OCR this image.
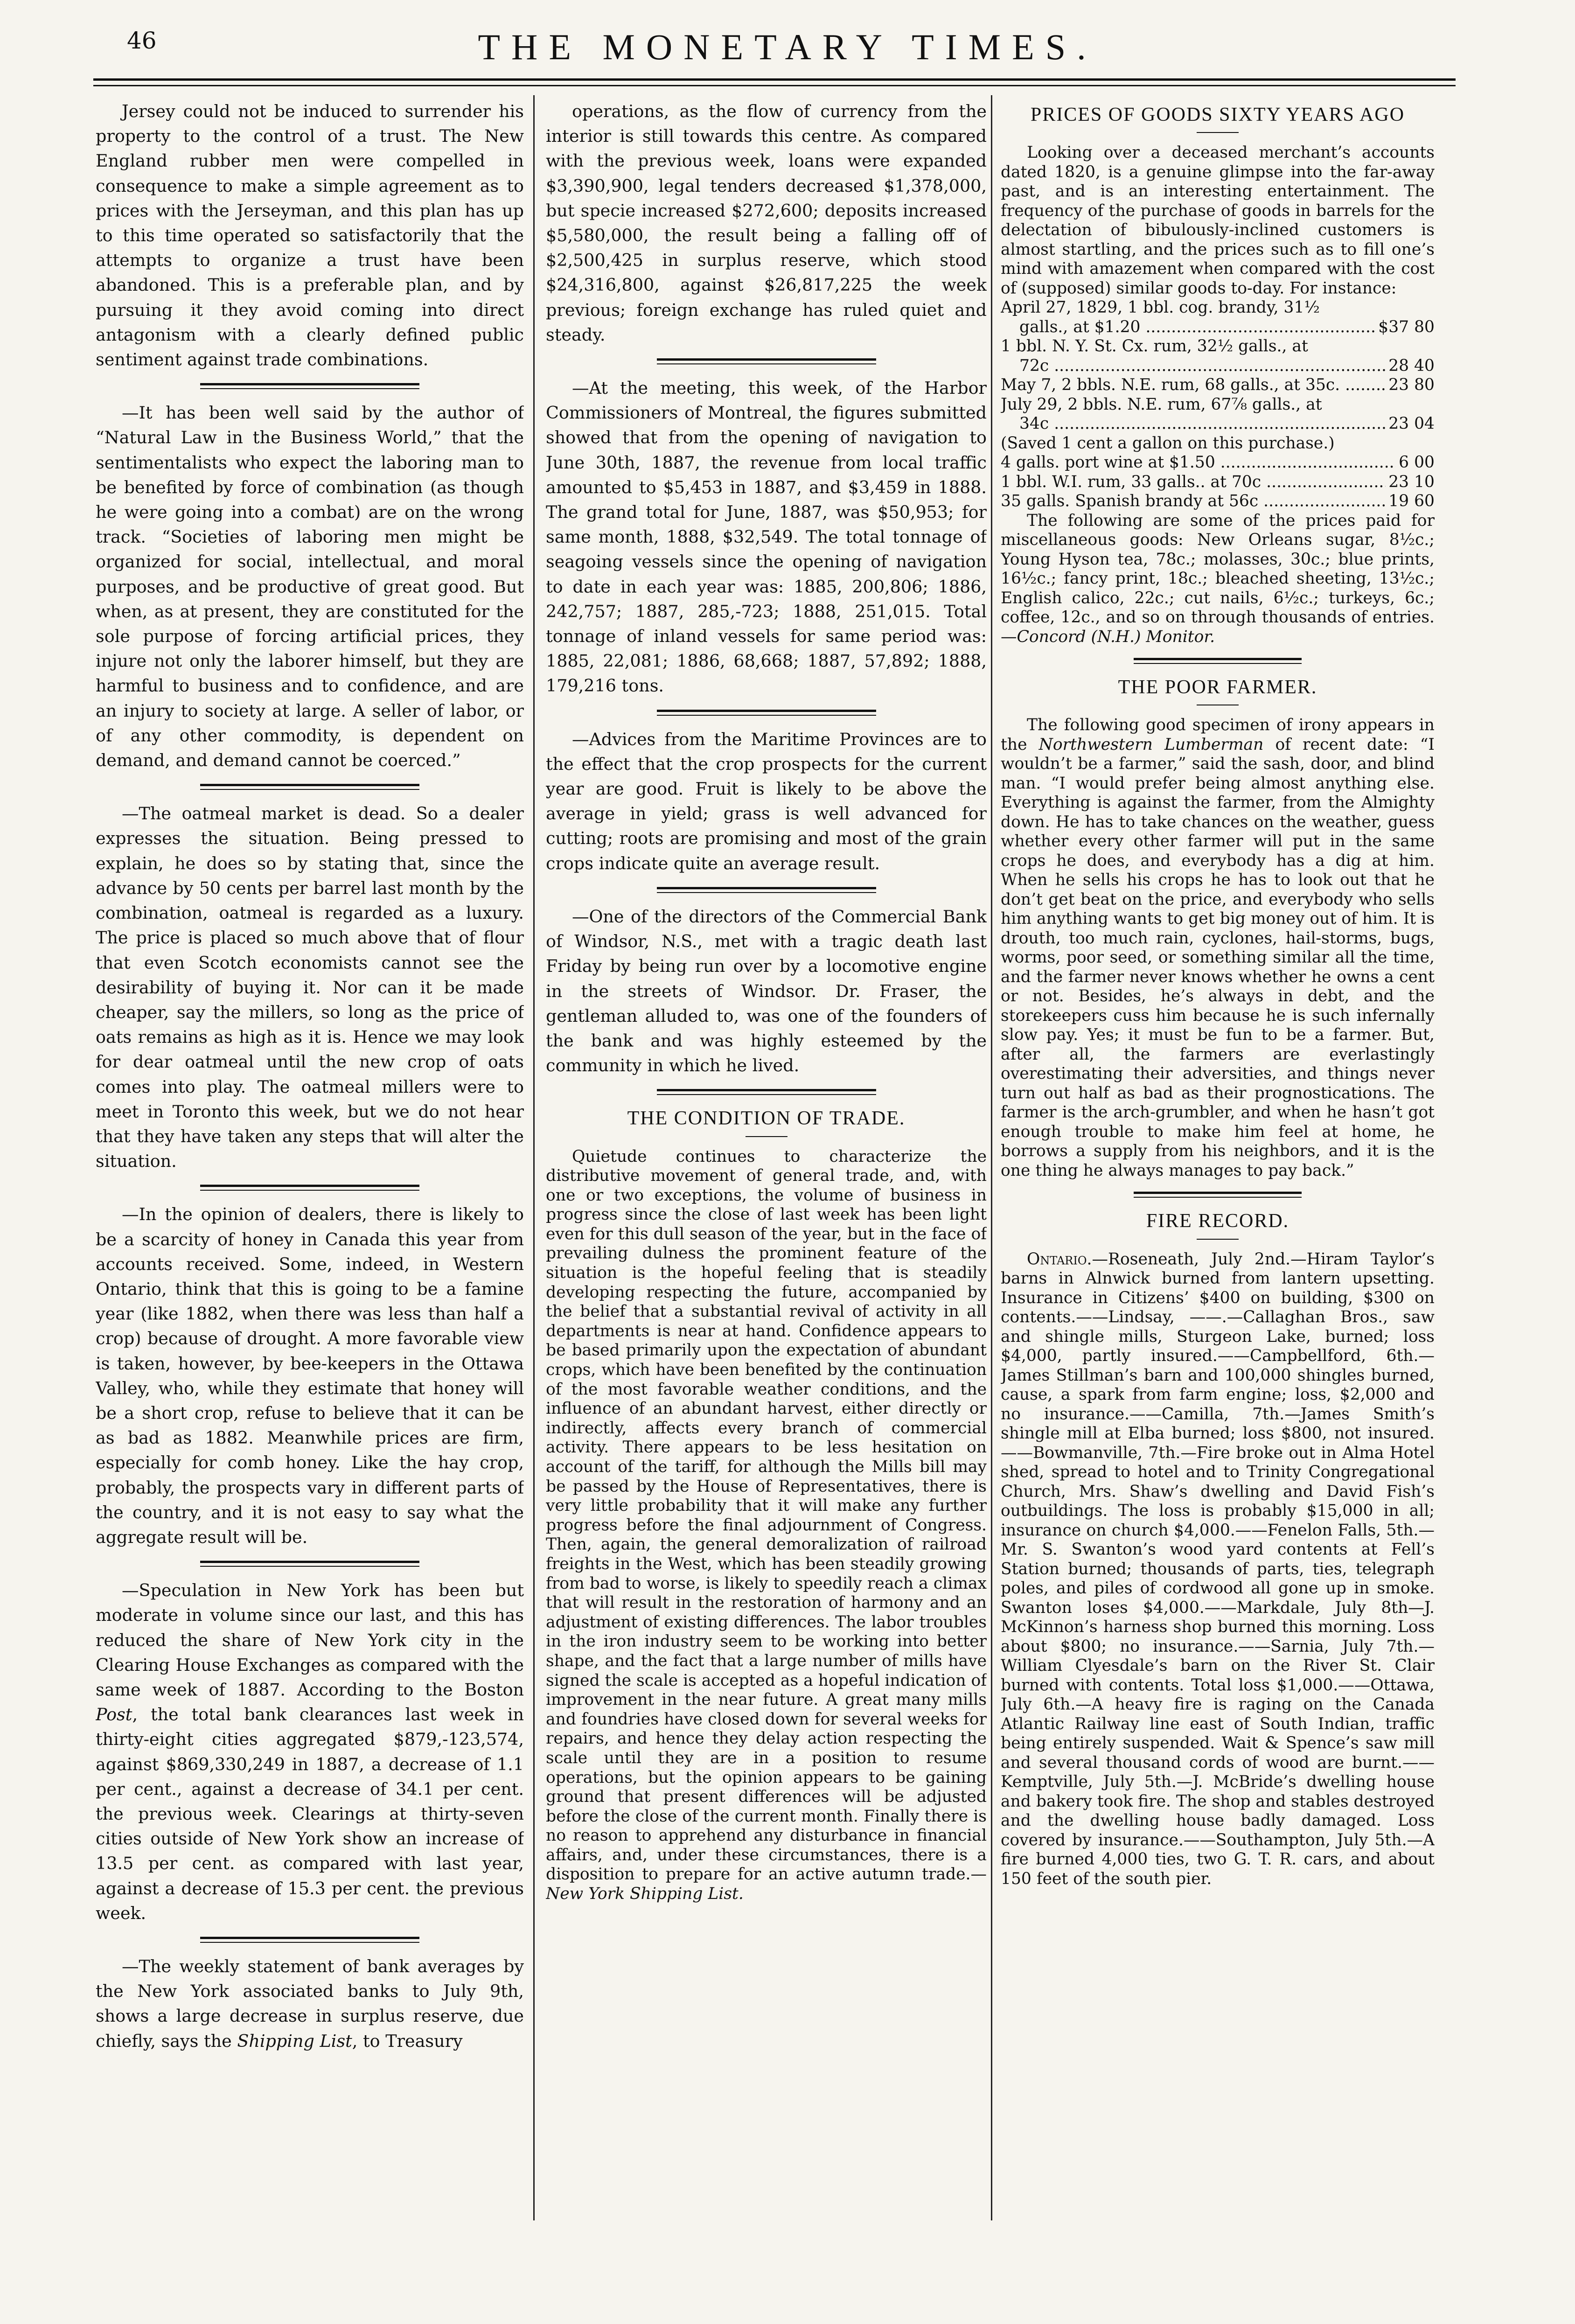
46	THE MONETARY TIMES.

Jersey could not be induced to surrender his property to the control of a trust. The New England rubber men were compelled in consequence to make a simple agreement as to prices with the Jerseyman, and this plan has up to this time operated so satisfactorily that the attempts to organize a trust have been abandoned. This is a preferable plan, and by pursuing it they avoid coming into direct antagonism with a clearly defined public sentiment against trade combinations.

—It has been well said by the author of “Natural Law in the Business World,” that the sentimentalists who expect the laboring man to be benefited by force of combination (as though he were going into a combat) are on the wrong track. “Societies of laboring men might be organized for social, intellectual, and moral purposes, and be productive of great good. But when, as at present, they are constituted for the sole purpose of forcing artificial prices, they injure not only the laborer himself, but they are harmful to business and to confidence, and are an injury to society at large. A seller of labor, or of any other commodity, is dependent on demand, and demand cannot be coerced.”

—The oatmeal market is dead. So a dealer expresses the situation. Being pressed to explain, he does so by stating that, since the advance by 50 cents per barrel last month by the combination, oatmeal is regarded as a luxury. The price is placed so much above that of flour that even Scotch economists cannot see the desirability of buying it. Nor can it be made cheaper, say the millers, so long as the price of oats remains as high as it is. Hence we may look for dear oatmeal until the new crop of oats comes into play. The oatmeal millers were to meet in Toronto this week, but we do not hear that they have taken any steps that will alter the situation.

—In the opinion of dealers, there is likely to be a scarcity of honey in Canada this year from accounts received. Some, indeed, in Western Ontario, think that this is going to be a famine year (like 1882, when there was less than half a crop) because of drought. A more favorable view is taken, however, by bee-keepers in the Ottawa Valley, who, while they estimate that honey will be a short crop, refuse to believe that it can be as bad as 1882. Meanwhile prices are firm, especially for comb honey. Like the hay crop, probably, the prospects vary in different parts of the country, and it is not easy to say what the aggregate result will be.

—Speculation in New York has been but moderate in volume since our last, and this has reduced the share of New York city in the Clearing House Exchanges as compared with the same week of 1887. According to the Boston Post, the total bank clearances last week in thirty-eight cities aggregated $879,-123,574, against $869,330,249 in 1887, a decrease of 1.1 per cent., against a decrease of 34.1 per cent. the previous week. Clearings at thirty-seven cities outside of New York show an increase of 13.5 per cent. as compared with last year, against a decrease of 15.3 per cent. the previous week.

—The weekly statement of bank averages by the New York associated banks to July 9th, shows a large decrease in surplus reserve, due chiefly, says the Shipping List, to Treasury

operations, as the flow of currency from the interior is still towards this centre. As compared with the previous week, loans were expanded $3,390,900, legal tenders decreased $1,378,000, but specie increased $272,600; deposits increased $5,580,000, the result being a falling off of $2,500,425 in surplus reserve, which stood $24,316,800, against $26,817,225 the week previous; foreign exchange has ruled quiet and steady.

—At the meeting, this week, of the Harbor Commissioners of Montreal, the figures submitted showed that from the opening of navigation to June 30th, 1887, the revenue from local traffic amounted to $5,453 in 1887, and $3,459 in 1888. The grand total for June, 1887, was $50,953; for same month, 1888, $32,549. The total tonnage of seagoing vessels since the opening of navigation to date in each year was: 1885, 200,806; 1886, 242,757; 1887, 285,-723; 1888, 251,015. Total tonnage of inland vessels for same period was: 1885, 22,081; 1886, 68,668; 1887, 57,892; 1888, 179,216 tons.

—Advices from the Maritime Provinces are to the effect that the crop prospects for the current year are good. Fruit is likely to be above the average in yield; grass is well advanced for cutting; roots are promising and most of the grain crops indicate quite an average result.

—One of the directors of the Commercial Bank of Windsor, N.S., met with a tragic death last Friday by being run over by a locomotive engine in the streets of Windsor. Dr. Fraser, the gentleman alluded to, was one of the founders of the bank and was highly esteemed by the community in which he lived.

THE CONDITION OF TRADE.

Quietude continues to characterize the distributive movement of general trade, and, with one or two exceptions, the volume of business in progress since the close of last week has been light even for this dull season of the year, but in the face of prevailing dulness the prominent feature of the situation is the hopeful feeling that is steadily developing respecting the future, accompanied by the belief that a substantial revival of activity in all departments is near at hand. Confidence appears to be based primarily upon the expectation of abundant crops, which have been benefited by the continuation of the most favorable weather conditions, and the influence of an abundant harvest, either directly or indirectly, affects every branch of commercial activity. There appears to be less hesitation on account of the tariff, for although the Mills bill may be passed by the House of Representatives, there is very little probability that it will make any further progress before the final adjournment of Congress. Then, again, the general demoralization of railroad freights in the West, which has been steadily growing from bad to worse, is likely to speedily reach a climax that will result in the restoration of harmony and an adjustment of existing differences. The labor troubles in the iron industry seem to be working into better shape, and the fact that a large number of mills have signed the scale is accepted as a hopeful indication of improvement in the near future. A great many mills and foundries have closed down for several weeks for repairs, and hence they delay action respecting the scale until they are in a position to resume operations, but the opinion appears to be gaining ground that present differences will be adjusted before the close of the current month. Finally there is no reason to apprehend any disturbance in financial affairs, and, under these circumstances, there is a disposition to prepare for an active autumn trade.—New York Shipping List.

PRICES OF GOODS SIXTY YEARS AGO

Looking over a deceased merchant’s accounts dated 1820, is a genuine glimpse into the far-away past, and is an interesting entertainment. The frequency of the purchase of goods in barrels for the delectation of bibulously-inclined customers is almost startling, and the prices such as to fill one’s mind with amazement when compared with the cost of (supposed) similar goods to-day. For instance:

April 27, 1829, 1 bbl. cog. brandy, 31½
galls., at $1.20 .....	$37 80
1 bbl. N. Y. St. Cx. rum, 32½ galls., at
72c .....	28 40
May 7, 2 bbls. N.E. rum, 68 galls., at 35c. .....	23 80
July 29, 2 bbls. N.E. rum, 67⅞ galls., at
34c .....	23 04
(Saved 1 cent a gallon on this purchase.)
4 galls. port wine at $1.50 .....	6 00
1 bbl. W.I. rum, 33 galls.. at 70c .....	23 10
35 galls. Spanish brandy at 56c .....	19 60

The following are some of the prices paid for miscellaneous goods: New Orleans sugar, 8½c.; Young Hyson tea, 78c.; molasses, 30c.; blue prints, 16½c.; fancy print, 18c.; bleached sheeting, 13½c.; English calico, 22c.; cut nails, 6½c.; turkeys, 6c.; coffee, 12c., and so on through thousands of entries.—Concord (N.H.) Monitor.

THE POOR FARMER.

The following good specimen of irony appears in the Northwestern Lumberman of recent date: “I wouldn’t be a farmer,” said the sash, door, and blind man. “I would prefer being almost anything else. Everything is against the farmer, from the Almighty down. He has to take chances on the weather, guess whether every other farmer will put in the same crops he does, and everybody has a dig at him. When he sells his crops he has to look out that he don’t get beat on the price, and everybody who sells him anything wants to get big money out of him. It is drouth, too much rain, cyclones, hail-storms, bugs, worms, poor seed, or something similar all the time, and the farmer never knows whether he owns a cent or not. Besides, he’s always in debt, and the storekeepers cuss him because he is such infernally slow pay. Yes; it must be fun to be a farmer. But, after all, the farmers are everlastingly overestimating their adversities, and things never turn out half as bad as their prognostications. The farmer is the arch-grumbler, and when he hasn’t got enough trouble to make him feel at home, he borrows a supply from his neighbors, and it is the one thing he always manages to pay back.”

FIRE RECORD.

Ontario.—Roseneath, July 2nd.—Hiram Taylor’s barns in Alnwick burned from lantern upsetting. Insurance in Citizens’ $400 on building, $300 on contents.——Lindsay, ——.—Callaghan Bros., saw and shingle mills, Sturgeon Lake, burned; loss $4,000, partly insured.——Campbellford, 6th.—James Stillman’s barn and 100,000 shingles burned, cause, a spark from farm engine; loss, $2,000 and no insurance.——Camilla, 7th.—James Smith’s shingle mill at Elba burned; loss $800, not insured.——Bowmanville, 7th.—Fire broke out in Alma Hotel shed, spread to hotel and to Trinity Congregational Church, Mrs. Shaw’s dwelling and David Fish’s outbuildings. The loss is probably $15,000 in all; insurance on church $4,000.——Fenelon Falls, 5th.—Mr. S. Swanton’s wood yard contents at Fell’s Station burned; thousands of parts, ties, telegraph poles, and piles of cordwood all gone up in smoke. Swanton loses $4,000.——Markdale, July 8th—J. McKinnon’s harness shop burned this morning. Loss about $800; no insurance.——Sarnia, July 7th.—William Clyesdale’s barn on the River St. Clair burned with contents. Total loss $1,000.——Ottawa, July 6th.—A heavy fire is raging on the Canada Atlantic Railway line east of South Indian, traffic being entirely suspended. Wait & Spence’s saw mill and several thousand cords of wood are burnt.——Kemptville, July 5th.—J. McBride’s dwelling house and bakery took fire. The shop and stables destroyed and the dwelling house badly damaged. Loss covered by insurance.——Southampton, July 5th.—A fire burned 4,000 ties, two G. T. R. cars, and about 150 feet of the south pier.
